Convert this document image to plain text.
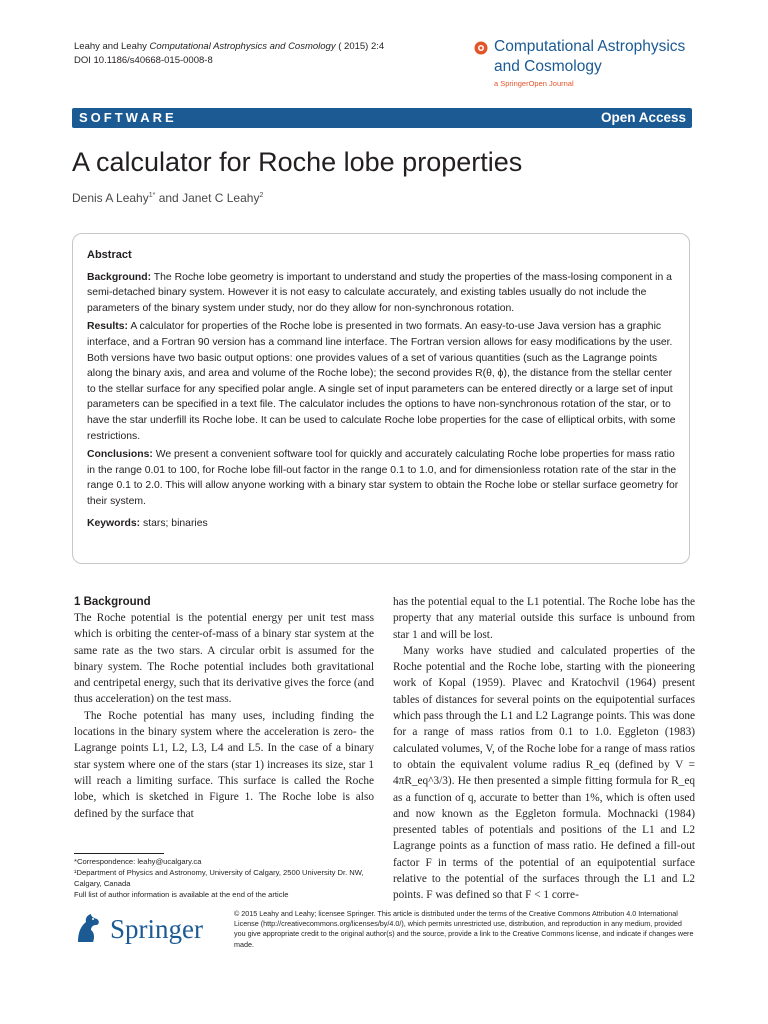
Leahy and Leahy Computational Astrophysics and Cosmology ( 2015) 2:4
DOI 10.1186/s40668-015-0008-8
Computational Astrophysics
and Cosmology
a SpringerOpen Journal
SOFTWARE	Open Access
A calculator for Roche lobe properties
Denis A Leahy$^{1*}$ and Janet C Leahy$^2$
Abstract

Background: The Roche lobe geometry is important to understand and study the properties of the mass-losing component in a semi-detached binary system. However it is not easy to calculate accurately, and existing tables usually do not include the parameters of the binary system under study, nor do they allow for non-synchronous rotation.

Results: A calculator for properties of the Roche lobe is presented in two formats. An easy-to-use Java version has a graphic interface, and a Fortran 90 version has a command line interface. The Fortran version allows for easy modifications by the user. Both versions have two basic output options: one provides values of a set of various quantities (such as the Lagrange points along the binary axis, and area and volume of the Roche lobe); the second provides R(θ, ϕ), the distance from the stellar center to the stellar surface for any specified polar angle. A single set of input parameters can be entered directly or a large set of input parameters can be specified in a text file. The calculator includes the options to have non-synchronous rotation of the star, or to have the star underfill its Roche lobe. It can be used to calculate Roche lobe properties for the case of elliptical orbits, with some restrictions.

Conclusions: We present a convenient software tool for quickly and accurately calculating Roche lobe properties for mass ratio in the range 0.01 to 100, for Roche lobe fill-out factor in the range 0.1 to 1.0, and for dimensionless rotation rate of the star in the range 0.1 to 2.0. This will allow anyone working with a binary star system to obtain the Roche lobe or stellar surface geometry for their system.

Keywords: stars; binaries

1 Background

The Roche potential is the potential energy per unit test mass which is orbiting the center-of-mass of a binary star system at the same rate as the two stars. A circular orbit is assumed for the binary system. The Roche potential includes both gravitational and centripetal energy, such that its derivative gives the force (and thus acceleration) on the test mass.

The Roche potential has many uses, including finding the locations in the binary system where the acceleration is zero- the Lagrange points L1, L2, L3, L4 and L5. In the case of a binary star system where one of the stars (star 1) increases its size, star 1 will reach a limiting surface. This surface is called the Roche lobe, which is sketched in Figure 1. The Roche lobe is also defined by the surface that

has the potential equal to the L1 potential. The Roche lobe has the property that any material outside this surface is unbound from star 1 and will be lost.

Many works have studied and calculated properties of the Roche potential and the Roche lobe, starting with the pioneering work of Kopal (1959). Plavec and Kratochvil (1964) present tables of distances for several points on the equipotential surfaces which pass through the L1 and L2 Lagrange points. This was done for a range of mass ratios from 0.1 to 1.0. Eggleton (1983) calculated volumes, V, of the Roche lobe for a range of mass ratios to obtain the equivalent volume radius R_eq (defined by V = 4πR_eq^3/3). He then presented a simple fitting formula for R_eq as a function of q, accurate to better than 1%, which is often used and now known as the Eggleton formula. Mochnacki (1984) presented tables of potentials and positions of the L1 and L2 Lagrange points as a function of mass ratio. He defined a fill-out factor F in terms of the potential of an equipotential surface relative to the potential of the surfaces through the L1 and L2 points. F was defined so that F < 1 corre-

*Correspondence: leahy@ucalgary.ca
¹Department of Physics and Astronomy, University of Calgary, 2500 University Dr. NW, Calgary, Canada
Full list of author information is available at the end of the article
Springer
© 2015 Leahy and Leahy; licensee Springer. This article is distributed under the terms of the Creative Commons Attribution 4.0 International License (http://creativecommons.org/licenses/by/4.0/), which permits unrestricted use, distribution, and reproduction in any medium, provided you give appropriate credit to the original author(s) and the source, provide a link to the Creative Commons license, and indicate if changes were made.
